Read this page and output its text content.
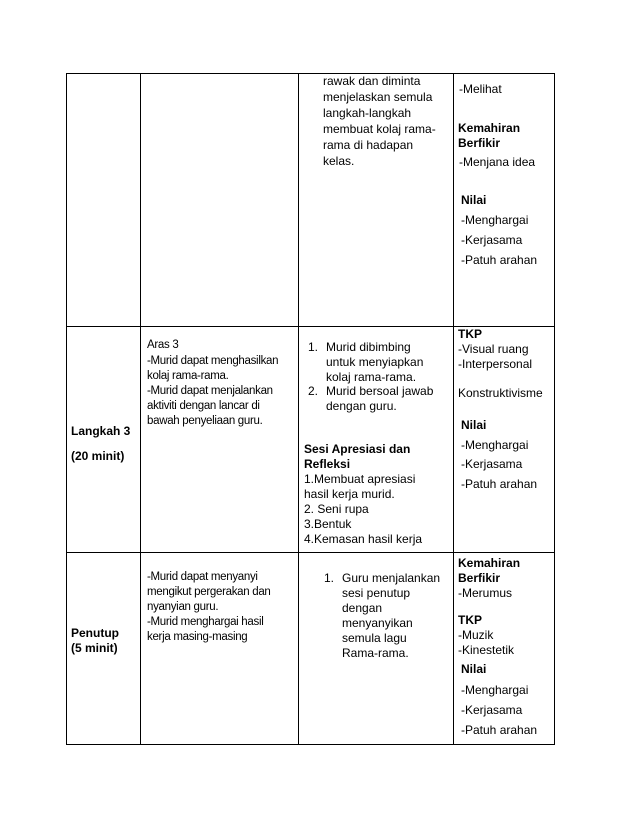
rawak dan diminta
menjelaskan semula
langkah-langkah
membuat kolaj rama-
rama di hadapan
kelas.
-Melihat
Kemahiran
Berfikir
-Menjana idea
Nilai
-Menghargai
-Kerjasama
-Patuh arahan
Langkah 3
(20 minit)
Aras 3
-Murid dapat menghasilkan
kolaj rama-rama.
-Murid dapat menjalankan
aktiviti dengan lancar di
bawah penyeliaan guru.
1. Murid dibimbing
untuk menyiapkan
kolaj rama-rama.
2. Murid bersoal jawab
dengan guru.
Sesi Apresiasi dan
Refleksi
1.Membuat apresiasi
hasil kerja murid.
2. Seni rupa
3.Bentuk
4.Kemasan hasil kerja
TKP
-Visual ruang
-Interpersonal
Konstruktivisme
Nilai
-Menghargai
-Kerjasama
-Patuh arahan
Penutup
(5 minit)
-Murid dapat menyanyi
mengikut pergerakan dan
nyanyian guru.
-Murid menghargai hasil
kerja masing-masing
1. Guru menjalankan
sesi penutup
dengan
menyanyikan
semula lagu
Rama-rama.
Kemahiran
Berfikir
-Merumus
TKP
-Muzik
-Kinestetik
Nilai
-Menghargai
-Kerjasama
-Patuh arahan
